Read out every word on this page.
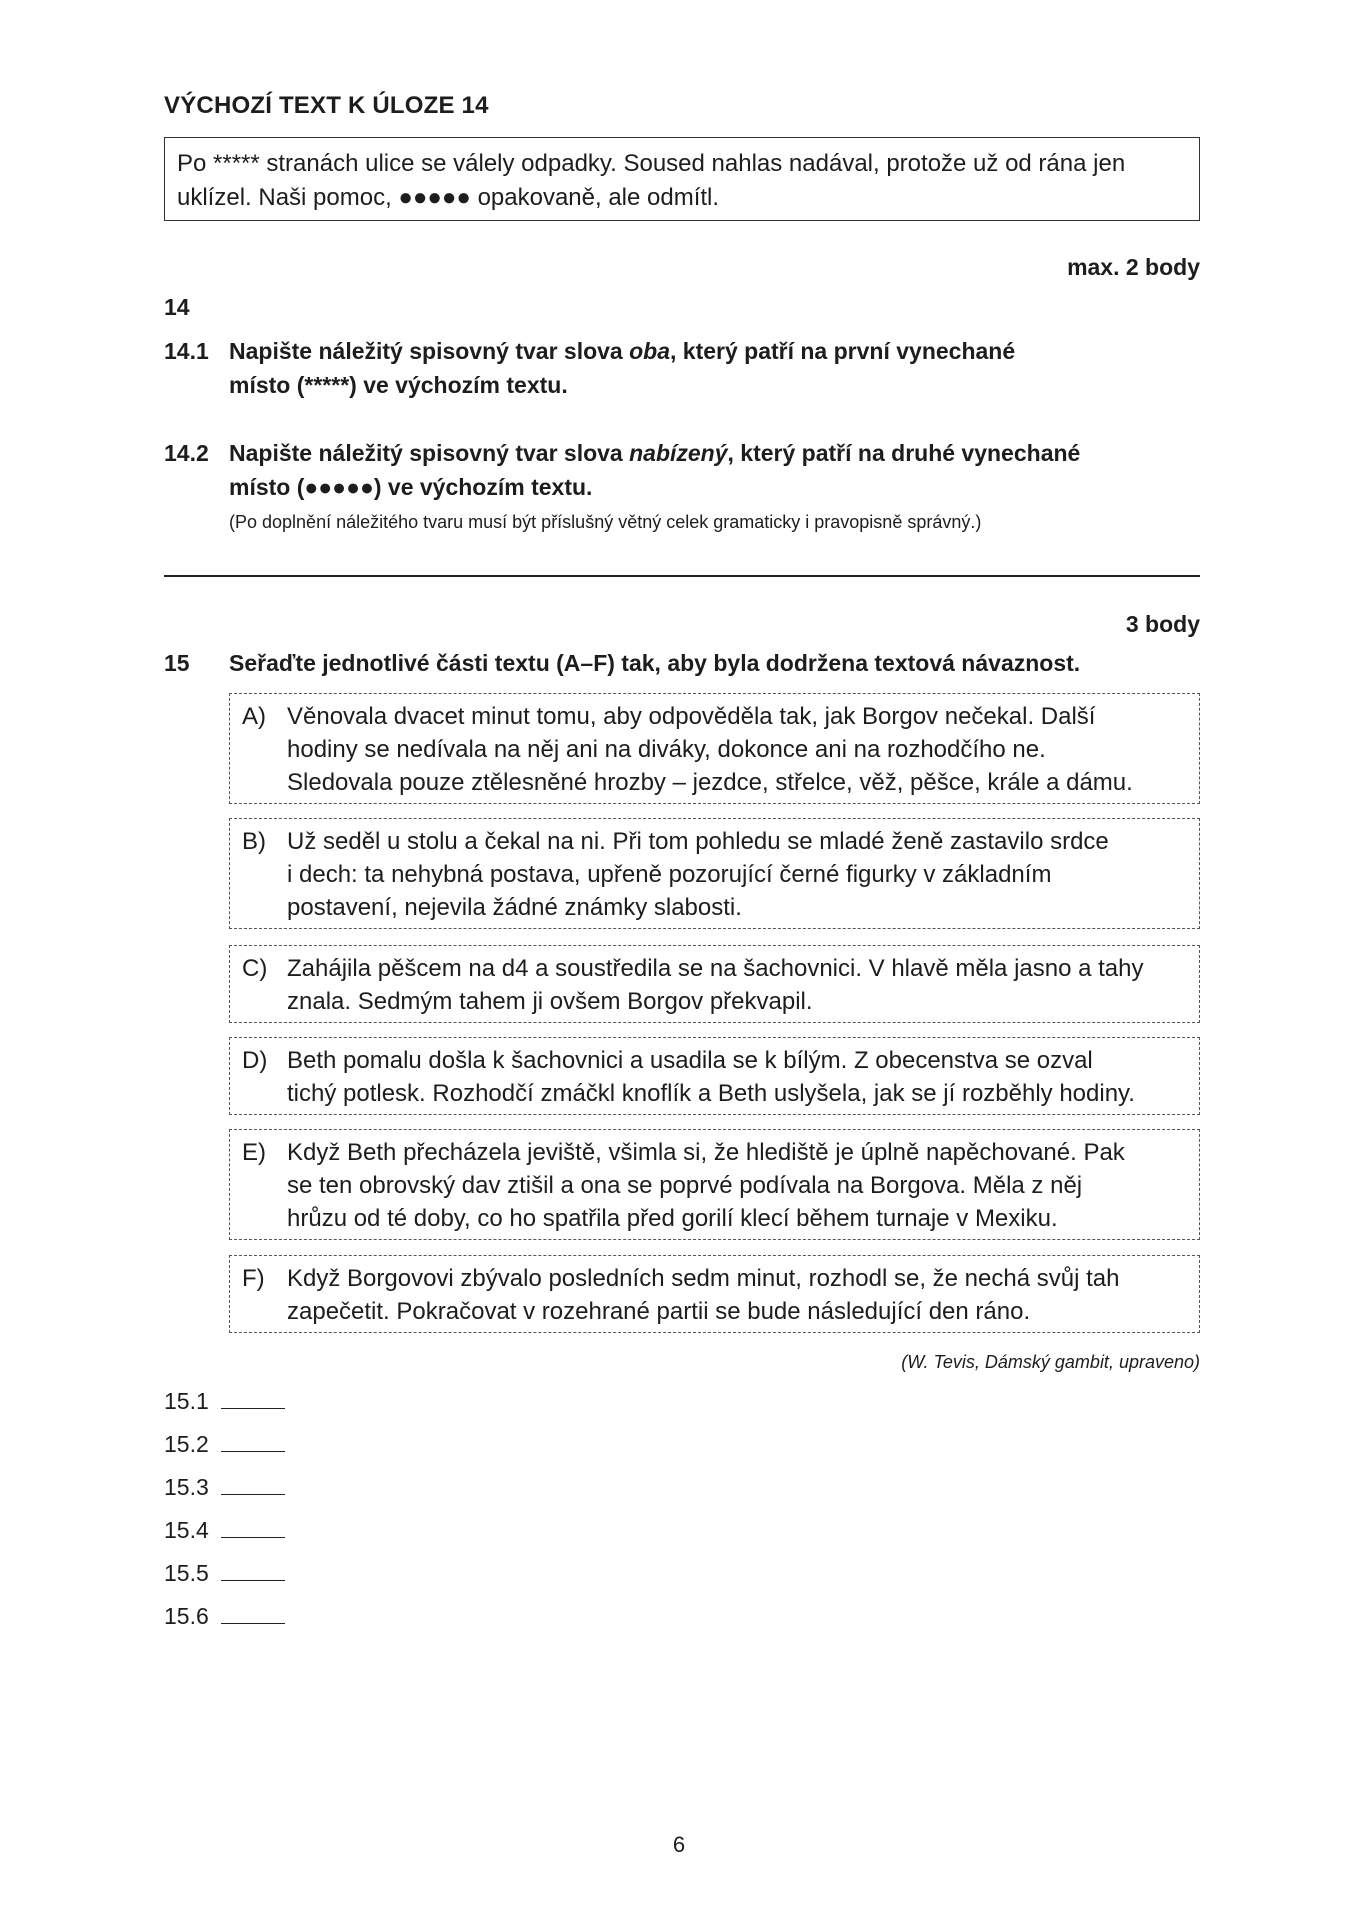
VÝCHOZÍ TEXT K ÚLOZE 14
Po ***** stranách ulice se válely odpadky. Soused nahlas nadával, protože už od rána jen
uklízel. Naši pomoc, ●●●●● opakovaně, ale odmítl.
max. 2 body
14
14.1 Napište náležitý spisovný tvar slova oba, který patří na první vynechané
místo (*****) ve výchozím textu.
14.2 Napište náležitý spisovný tvar slova nabízený, který patří na druhé vynechané
místo (●●●●●) ve výchozím textu.
(Po doplnění náležitého tvaru musí být příslušný větný celek gramaticky i pravopisně správný.)
3 body
15 Seřaďte jednotlivé části textu (A–F) tak, aby byla dodržena textová návaznost.
A) Věnovala dvacet minut tomu, aby odpověděla tak, jak Borgov nečekal. Další
hodiny se nedívala na něj ani na diváky, dokonce ani na rozhodčího ne.
Sledovala pouze ztělesněné hrozby – jezdce, střelce, věž, pěšce, krále a dámu.
B) Už seděl u stolu a čekal na ni. Při tom pohledu se mladé ženě zastavilo srdce
i dech: ta nehybná postava, upřeně pozorující černé figurky v základním
postavení, nejevila žádné známky slabosti.
C) Zahájila pěšcem na d4 a soustředila se na šachovnici. V hlavě měla jasno a tahy
znala. Sedmým tahem ji ovšem Borgov překvapil.
D) Beth pomalu došla k šachovnici a usadila se k bílým. Z obecenstva se ozval
tichý potlesk. Rozhodčí zmáčkl knoflík a Beth uslyšela, jak se jí rozběhly hodiny.
E) Když Beth přecházela jeviště, všimla si, že hlediště je úplně napěchované. Pak
se ten obrovský dav ztišil a ona se poprvé podívala na Borgova. Měla z něj
hrůzu od té doby, co ho spatřila před gorilí klecí během turnaje v Mexiku.
F) Když Borgovovi zbývalo posledních sedm minut, rozhodl se, že nechá svůj tah
zapečetit. Pokračovat v rozehrané partii se bude následující den ráno.
(W. Tevis, Dámský gambit, upraveno)
15.1
15.2
15.3
15.4
15.5
15.6
6
